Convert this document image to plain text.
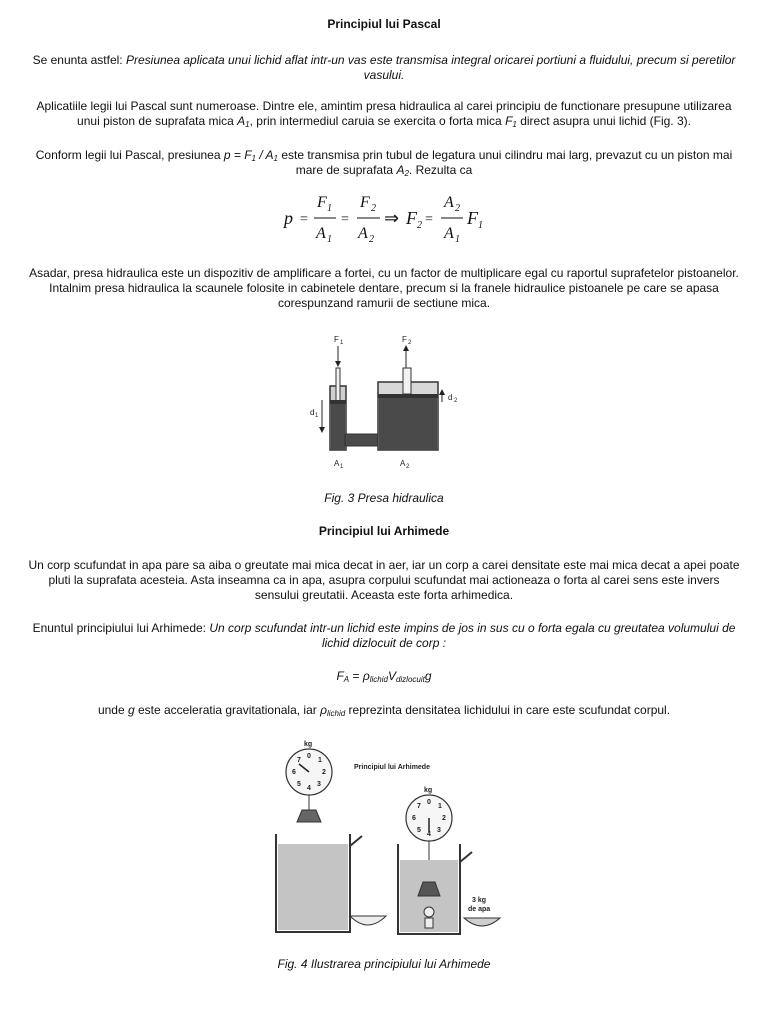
Principiul lui Pascal
Se enunta astfel: Presiunea aplicata unui lichid aflat intr-un vas este transmisa integral oricarei portiuni a fluidului, precum si peretilor vasului.
Aplicatiile legii lui Pascal sunt numeroase. Dintre ele, amintim presa hidraulica al carei principiu de functionare presupune utilizarea unui piston de suprafata mica $A_1$, prin intermediul caruia se exercita o forta mica $F_1$ direct asupra unui lichid (Fig. 3).
Conform legii lui Pascal, presiunea $p = F_1 / A_1$ este transmisa prin tubul de legatura unui cilindru mai larg, prevazut cu un piston mai mare de suprafata $A_2$. Rezulta ca
p
F 1
A 1
= =
F 2
A 2
⇒ F 2 =
A 2
A 1
F 1
Asadar, presa hidraulica este un dispozitiv de amplificare a fortei, cu un factor de multiplicare egal cu raportul suprafetelor pistoanelor. Intalnim presa hidraulica la scaunele folosite in cabinetele dentare, precum si la franele hidraulice pistoanele pe care se apasa corespunzand ramurii de sectiune mica.
F 1	F 2
d 1
d 2
A 1	A 2
Fig. 3 Presa hidraulica
Principiul lui Arhimede
Un corp scufundat in apa pare sa aiba o greutate mai mica decat in aer, iar un corp a carei densitate este mai mica decat a apei poate pluti la suprafata acesteia. Asta inseamna ca in apa, asupra corpului scufundat mai actioneaza o forta al carei sens este invers sensului greutatii. Aceasta este forta arhimedica.
Enuntul principiului lui Arhimede: Un corp scufundat intr-un lichid este impins de jos in sus cu o forta egala cu greutatea volumului de lichid dizlocuit de corp :
$F_A = \rho_{lichid}V_{dizlocuit}g$
unde g este acceleratia gravitationala, iar $\rho_{lichid}$ reprezinta densitatea lichidului in care este scufundat corpul.
Principiul lui Arhimede
kg
0
1
2
3
4
5
6
7
kg
0
1
2
3
4
5
6
7
3 kg
de apa
Fig. 4 Ilustrarea principiului lui Arhimede
